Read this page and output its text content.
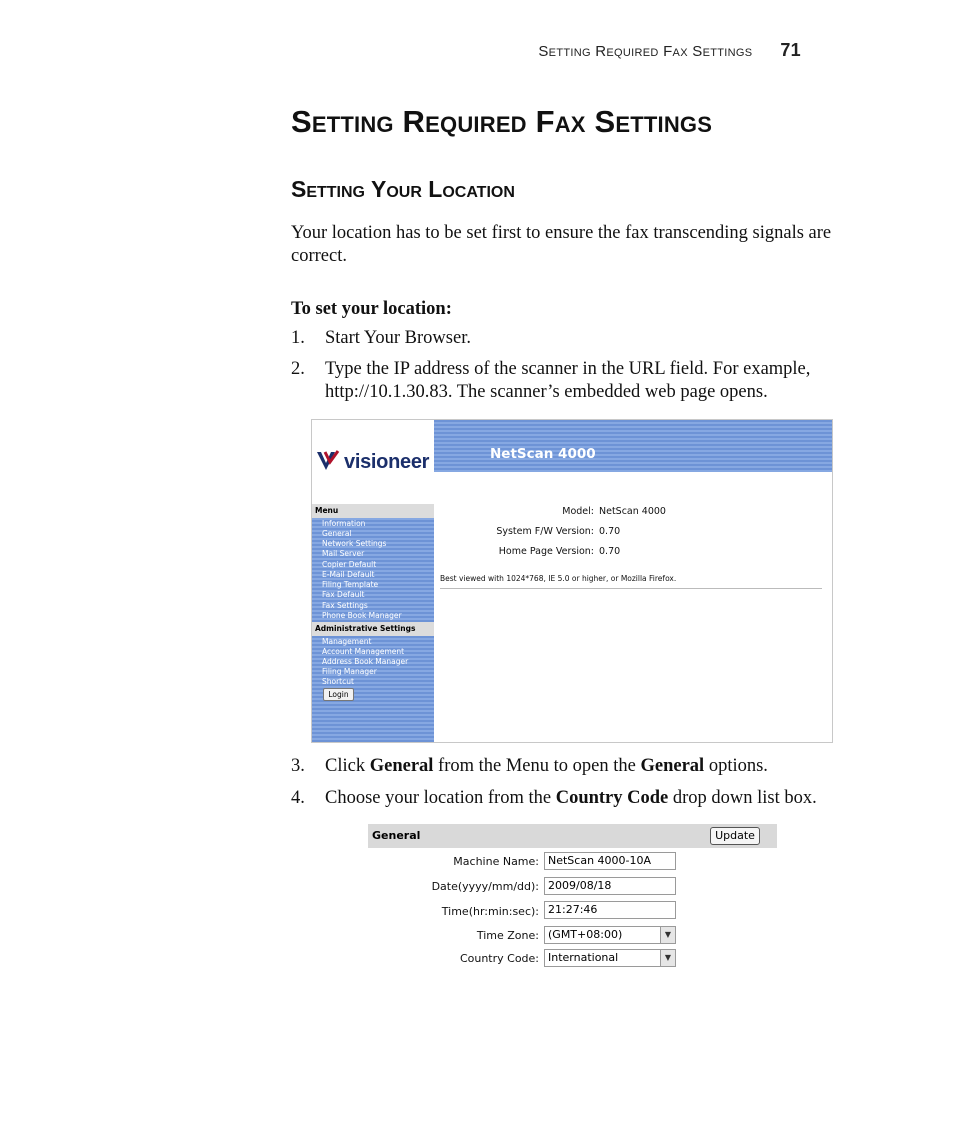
Setting Required Fax Settings 71
Setting Required Fax Settings
Setting Your Location

Your location has to be set first to ensure the fax transcending signals are correct.

To set your location:
1. Start Your Browser.
2. Type the IP address of the scanner in the URL field. For example, http://10.1.30.83. The scanner’s embedded web page opens.
visioneer	NetScan 4000
Menu
Information
General
Network Settings
Mail Server
Copier Default
E-Mail Default
Filing Template
Fax Default
Fax Settings
Phone Book Manager
Administrative Settings
Management
Account Management
Address Book Manager
Filing Manager
Shortcut
Login
Model: NetScan 4000
System F/W Version: 0.70
Home Page Version: 0.70
Best viewed with 1024*768, IE 5.0 or higher, or Mozilla Firefox.
3. Click General from the Menu to open the General options.
4. Choose your location from the Country Code drop down list box.
General	Update
Machine Name: NetScan 4000-10A
Date(yyyy/mm/dd): 2009/08/18
Time(hr:min:sec): 21:27:46
Time Zone: (GMT+08:00)	▼
Country Code: International	▼
